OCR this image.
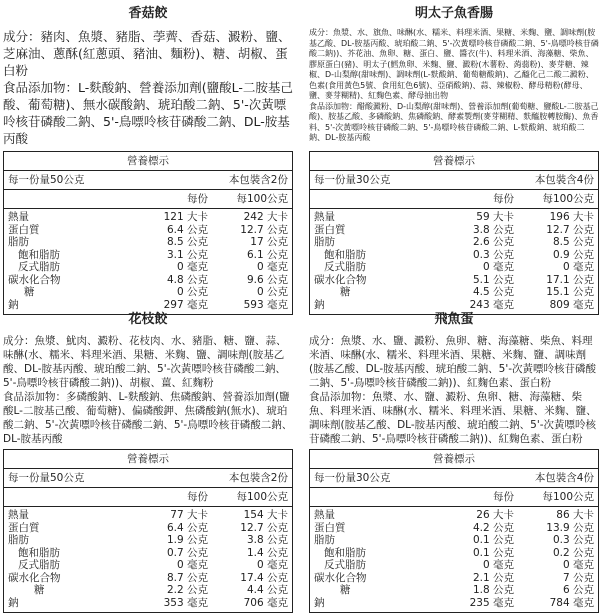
香菇餃

成分：豬肉、魚漿、豬脂、荸薺、香菇、澱粉、鹽、芝麻油、蔥酥(紅蔥頭、豬油、麵粉)、糖、胡椒、蛋白粉

食品添加物：L-麩酸鈉、營養添加劑(鹽酸L-二胺基己酸、葡萄糖)、無水碳酸鈉、琥珀酸二鈉、5'-次黃嘌呤核苷磷酸二鈉、5'-鳥嘌呤核苷磷酸二鈉、DL-胺基丙酸

營養標示
每一份量50公克	本包裝含2份
每份	每100公克
熱量	121 大卡	242 大卡
蛋白質	6.4 公克	12.7 公克
脂肪	8.5 公克	17 公克
飽和脂肪	3.1 公克	6.1 公克
反式脂肪	0 毫克	0 毫克
碳水化合物	4.8 公克	9.6 公克
糖	0 公克	0 公克
鈉	297 毫克	593 毫克
明太子魚香腸

成分：魚漿、水、旗魚、味醂(水、糯米、料理米酒、果糖、米麴、鹽、調味劑(胺基乙酸、DL-胺基丙酸、琥珀酸二鈉、5'-次黃嘌呤核苷磷酸二鈉、5'-鳥嘌呤核苷磷酸二鈉))、芥花油、魚卵、糖、蛋白、鹽、醬衣(牛)、料理米酒、海藻糖、柴魚、膠原蛋白(豬)、明太子(鱈魚卵、米麴、鹽、澱粉(木薯粉、蒟蒻粉)、麥芽糖、辣椒、D-山梨醇(甜味劑)、調味劑(L-麩酸鈉、葡萄糖酸鈉)、乙醯化己二酸二澱粉、色素(食用黃色5號、食用紅色6號)、亞硝酸鈉)、蒜、辣椒粉、酵母精粉(酵母、鹽、麥芽糊精)、紅麴色素、酵母抽出物

食品添加物：醋酸澱粉、D-山梨醇(甜味劑)、營養添加劑(葡萄糖、鹽酸L-二胺基己酸)、胺基乙酸、多磷酸鈉、焦磷酸鈉、酵素製劑(麥芽糊精、麩醯胺轉胺酶)、魚香料、5'-次黃嘌呤核苷磷酸二鈉、5'-鳥嘌呤核苷磷酸二鈉、L-麩酸鈉、琥珀酸二鈉、DL-胺基丙酸

營養標示
每一份量30公克	本包裝含4份
每份	每100公克
熱量	59 大卡	196 大卡
蛋白質	3.8 公克	12.7 公克
脂肪	2.6 公克	8.5 公克
飽和脂肪	0.3 公克	0.9 公克
反式脂肪	0 毫克	0 毫克
碳水化合物	5.1 公克	17.1 公克
糖	4.5 公克	15.1 公克
鈉	243 毫克	809 毫克
花枝餃

成分：魚漿、魷肉、澱粉、花枝肉、水、豬脂、糖、鹽、蒜、味醂(水、糯米、料理米酒、果糖、米麴、鹽、調味劑(胺基乙酸、DL-胺基丙酸、琥珀酸二鈉、5'-次黃嘌呤核苷磷酸二鈉、5'-鳥嘌呤核苷磷酸二鈉))、胡椒、薑、紅麴粉

食品添加物：多磷酸鈉、L-麩酸鈉、焦磷酸鈉、營養添加劑(鹽酸L-二胺基己酸、葡萄糖)、偏磷酸鉀、焦磷酸鈉(無水)、琥珀酸二鈉、5'-次黃嘌呤核苷磷酸二鈉、5'-鳥嘌呤核苷磷酸二鈉、DL-胺基丙酸

營養標示
每一份量50公克	本包裝含2份
每份	每100公克
熱量	77 大卡	154 大卡
蛋白質	6.4 公克	12.7 公克
脂肪	1.9 公克	3.8 公克
飽和脂肪	0.7 公克	1.4 公克
反式脂肪	0 毫克	0 毫克
碳水化合物	8.7 公克	17.4 公克
糖	2.2 公克	4.4 公克
鈉	353 毫克	706 毫克
飛魚蛋

成分：魚漿、水、鹽、澱粉、魚卵、糖、海藻糖、柴魚、料理米酒、味醂(水、糯米、料理米酒、果糖、米麴、鹽、調味劑(胺基乙酸、DL-胺基丙酸、琥珀酸二鈉、5'-次黃嘌呤核苷磷酸二鈉、5'-鳥嘌呤核苷磷酸二鈉))、紅麴色素、蛋白粉

食品添加物：魚漿、水、鹽、澱粉、魚卵、糖、海藻糖、柴魚、料理米酒、味醂(水、糯米、料理米酒、果糖、米麴、鹽、調味劑(胺基乙酸、DL-胺基丙酸、琥珀酸二鈉、5'-次黃嘌呤核苷磷酸二鈉、5'-鳥嘌呤核苷磷酸二鈉))、紅麴色素、蛋白粉

營養標示
每一份量30公克	本包裝含4份
每份	每100公克
熱量	26 大卡	86 大卡
蛋白質	4.2 公克	13.9 公克
脂肪	0.1 公克	0.3 公克
飽和脂肪	0.1 公克	0.2 公克
反式脂肪	0 毫克	0 毫克
碳水化合物	2.1 公克	7 公克
糖	1.8 公克	6 公克
鈉	235 毫克	784 毫克
